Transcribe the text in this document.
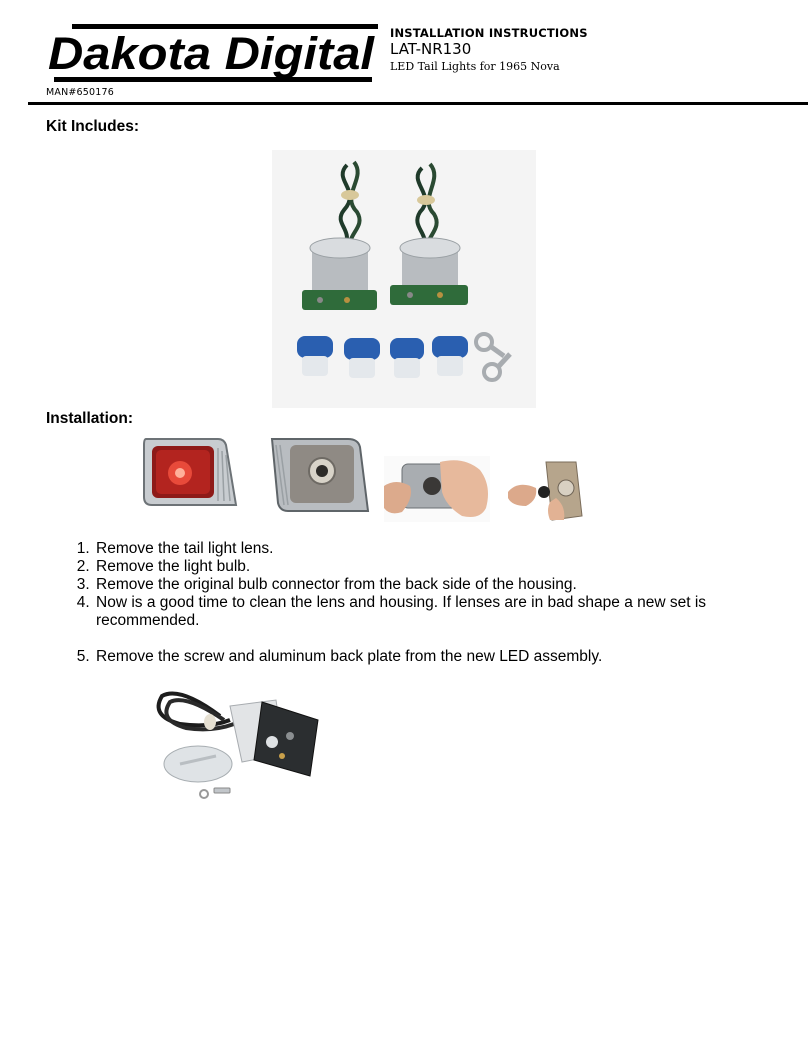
Dakota Digital
MAN#650176
INSTALLATION INSTRUCTIONS
LAT-NR130
LED Tail Lights for 1965 Nova
Kit Includes:
Installation:
1. Remove the tail light lens.
2. Remove the light bulb.
3. Remove the original bulb connector from the back side of the housing.
4. Now is a good time to clean the lens and housing. If lenses are in bad shape a new set is recommended.
5. Remove the screw and aluminum back plate from the new LED assembly.
